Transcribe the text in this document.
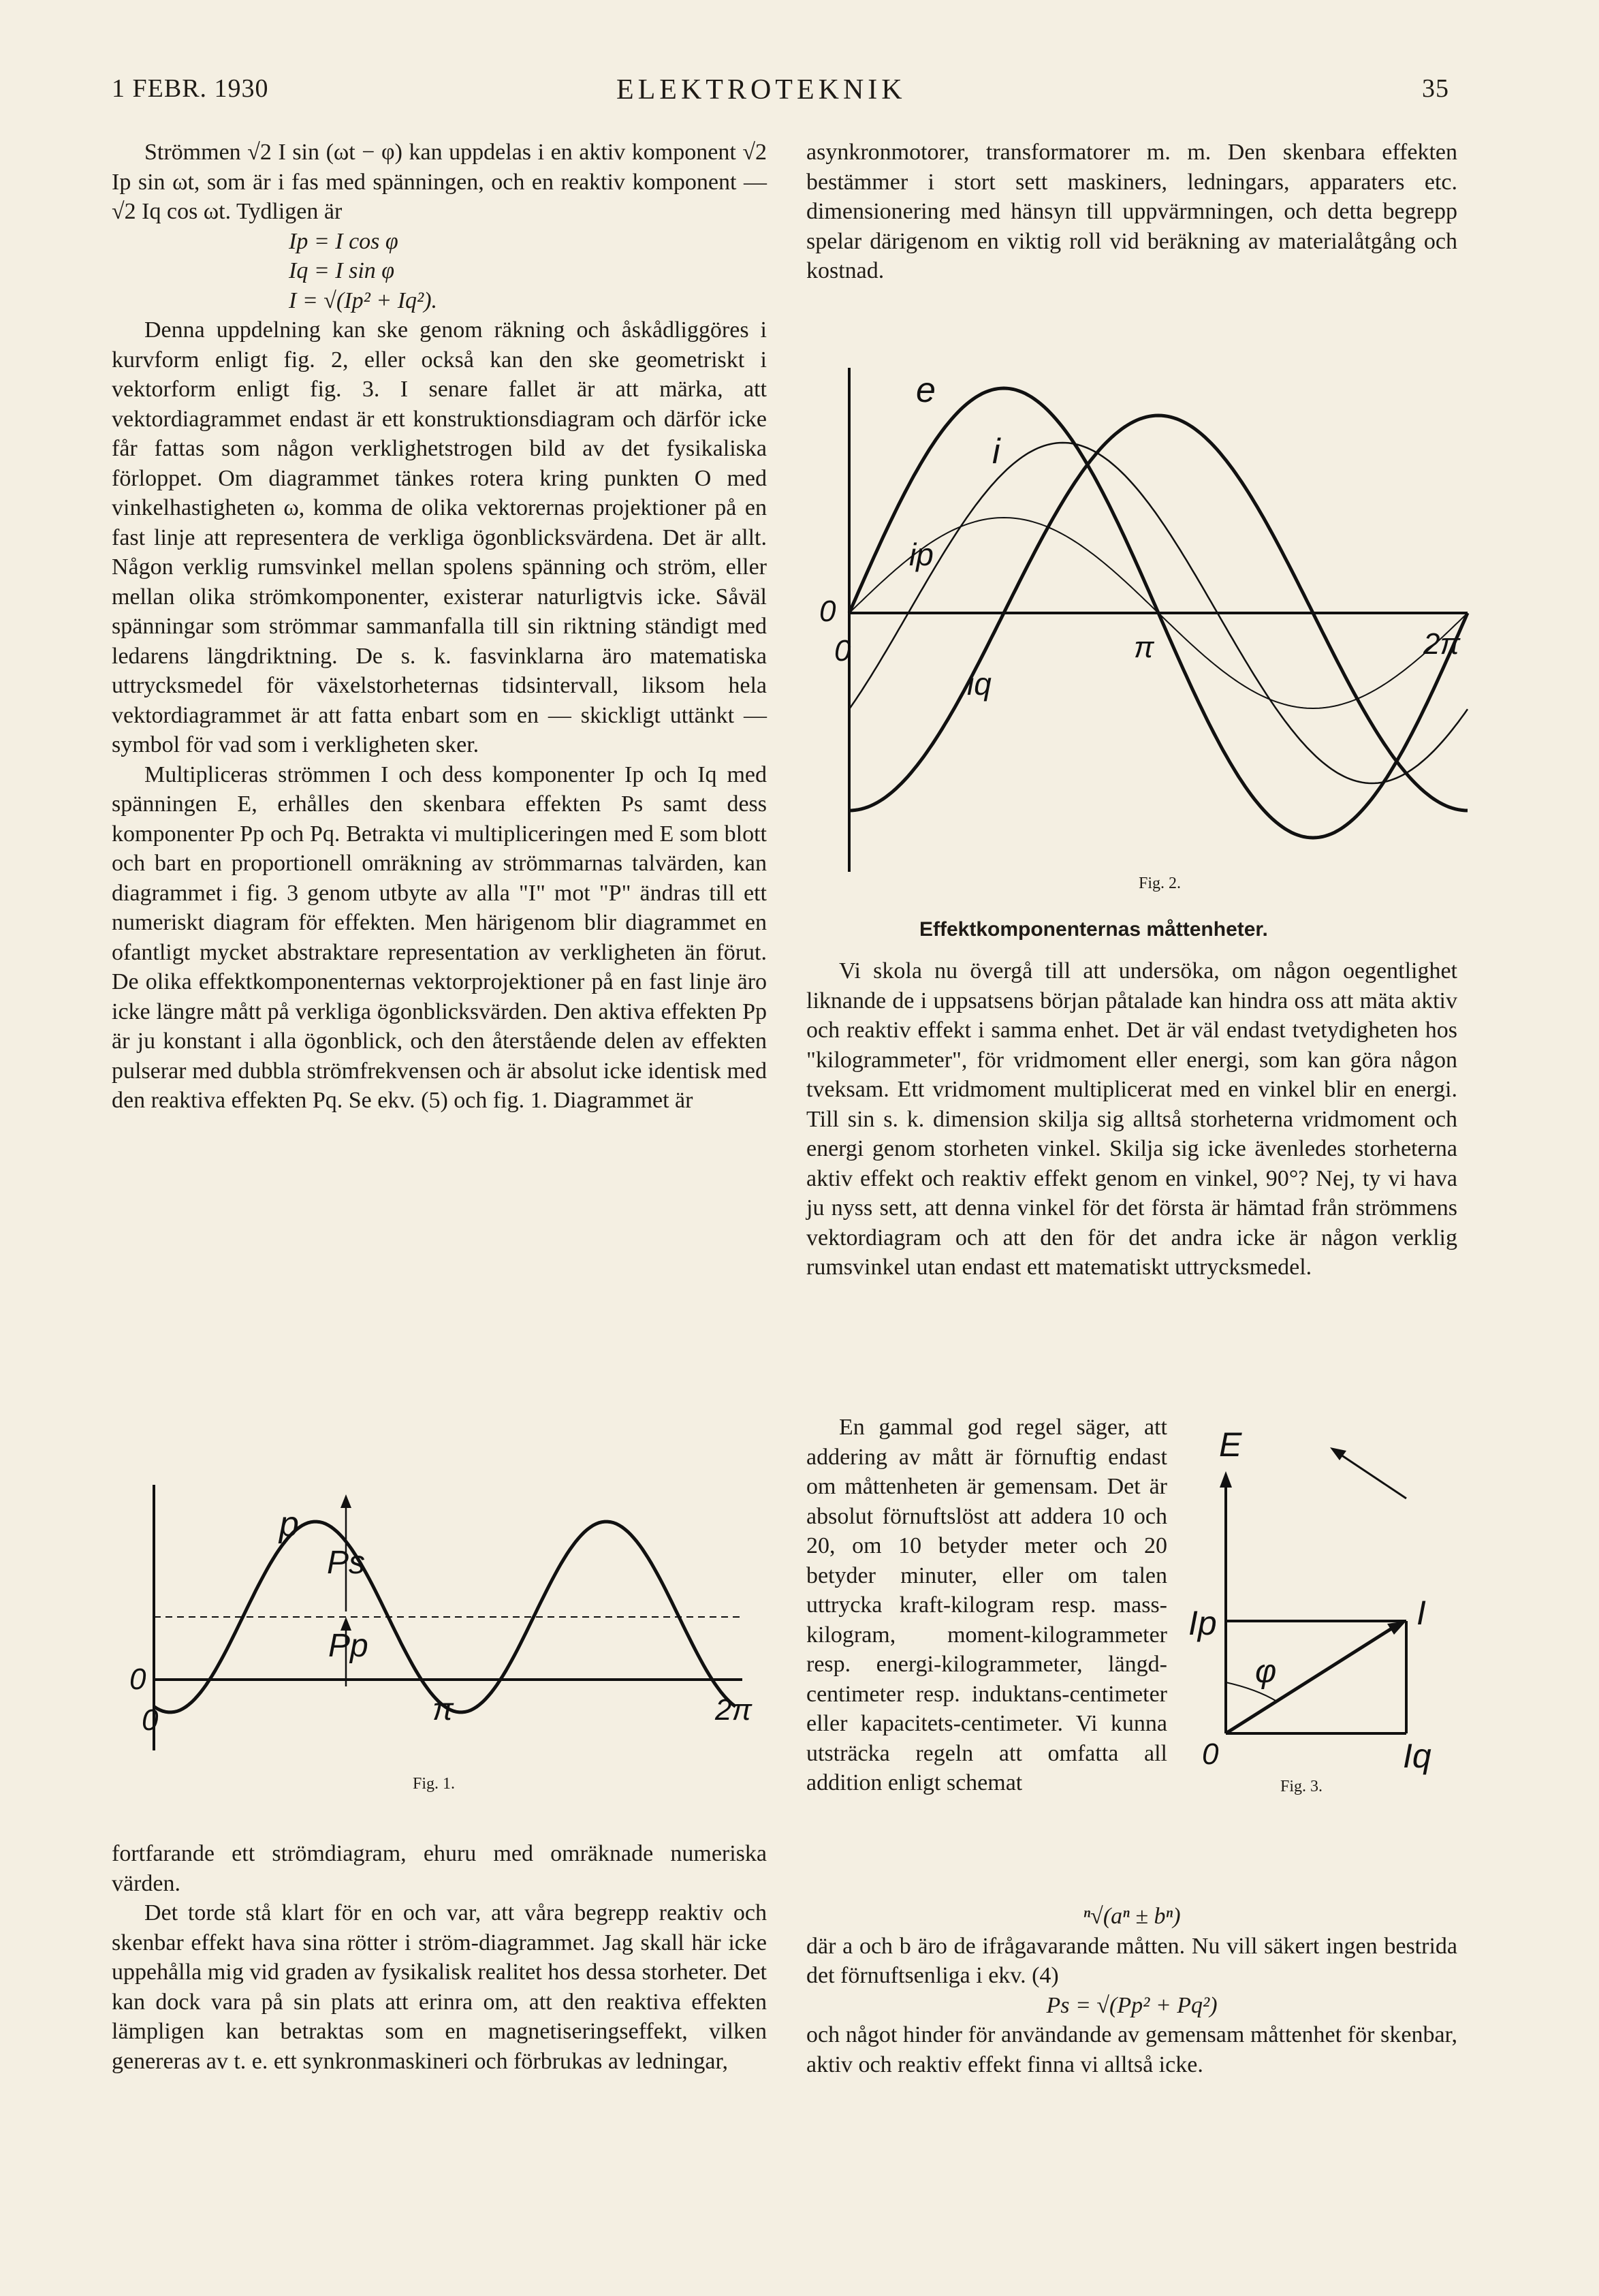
1 FEBR. 1930	ELEKTROTEKNIK	35

Strömmen √2 I sin (ωt − φ) kan uppdelas i en aktiv komponent √2 Ip sin ωt, som är i fas med spänningen, och en reaktiv komponent —√2 Iq cos ωt. Tydligen är

Ip = I cos φ

Iq = I sin φ

I = √(Ip² + Iq²).

Denna uppdelning kan ske genom räkning och åskådliggöres i kurvform enligt fig. 2, eller också kan den ske geometriskt i vektorform enligt fig. 3. I senare fallet är att märka, att vektordiagrammet endast är ett konstruktionsdiagram och därför icke får fattas som någon verklighetstrogen bild av det fysikaliska förloppet. Om diagrammet tänkes rotera kring punkten O med vinkelhastigheten ω, komma de olika vektorernas projektioner på en fast linje att representera de verkliga ögonblicksvärdena. Det är allt. Någon verklig rumsvinkel mellan spolens spänning och ström, eller mellan olika strömkomponenter, existerar naturligtvis icke. Såväl spänningar som strömmar sammanfalla till sin riktning ständigt med ledarens längdriktning. De s. k. fasvinklarna äro matematiska uttrycksmedel för växelstorheternas tidsintervall, liksom hela vektordiagrammet är att fatta enbart som en — skickligt uttänkt — symbol för vad som i verkligheten sker.

Multipliceras strömmen I och dess komponenter Ip och Iq med spänningen E, erhålles den skenbara effekten Ps samt dess komponenter Pp och Pq. Betrakta vi multipliceringen med E som blott och bart en proportionell omräkning av strömmarnas talvärden, kan diagrammet i fig. 3 genom utbyte av alla "I" mot "P" ändras till ett numeriskt diagram för effekten. Men härigenom blir diagrammet en ofantligt mycket abstraktare representation av verkligheten än förut. De olika effektkomponenternas vektorprojektioner på en fast linje äro icke längre mått på verkliga ögonblicksvärden. Den aktiva effekten Pp är ju konstant i alla ögonblick, och den återstående delen av effekten pulserar med dubbla strömfrekvensen och är absolut icke identisk med den reaktiva effekten Pq. Se ekv. (5) och fig. 1. Diagrammet är

p
Ps
Pp
0
0	π	2π
Fig. 1.

fortfarande ett strömdiagram, ehuru med omräknade numeriska värden.

Det torde stå klart för en och var, att våra begrepp reaktiv och skenbar effekt hava sina rötter i ström-diagrammet. Jag skall här icke uppehålla mig vid graden av fysikalisk realitet hos dessa storheter. Det kan dock vara på sin plats att erinra om, att den reaktiva effekten lämpligen kan betraktas som en magnetiseringseffekt, vilken genereras av t. e. ett synkronmaskineri och förbrukas av ledningar,

asynkronmotorer, transformatorer m. m. Den skenbara effekten bestämmer i stort sett maskiners, ledningars, apparaters etc. dimensionering med hänsyn till uppvärmningen, och detta begrepp spelar därigenom en viktig roll vid beräkning av materialåtgång och kostnad.

e
i
ip
iq
0
0	π	2π
Fig. 2.
Effektkomponenternas måttenheter.

Vi skola nu övergå till att undersöka, om någon oegentlighet liknande de i uppsatsens början påtalade kan hindra oss att mäta aktiv och reaktiv effekt i samma enhet. Det är väl endast tvetydigheten hos "kilogrammeter", för vridmoment eller energi, som kan göra någon tveksam. Ett vridmoment multiplicerat med en vinkel blir en energi. Till sin s. k. dimension skilja sig alltså storheterna vridmoment och energi genom storheten vinkel. Skilja sig icke ävenledes storheterna aktiv effekt och reaktiv effekt genom en vinkel, 90°? Nej, ty vi hava ju nyss sett, att denna vinkel för det första är hämtad från strömmens vektordiagram och att den för det andra icke är någon verklig rumsvinkel utan endast ett matematiskt uttrycksmedel.

En gammal god regel säger, att addering av mått är förnuftig endast om måttenheten är gemensam. Det är absolut förnuftslöst att addera 10 och 20, om 10 betyder meter och 20 betyder minuter, eller om talen uttrycka kraft-kilogram resp. mass-kilogram, moment-kilogrammeter resp. energi-kilogrammeter, längd-centimeter resp. induktans-centimeter eller kapacitets-centimeter. Vi kunna utsträcka regeln att omfatta all addition enligt schemat

E
I
Ip
Iq
φ
0
Fig. 3.

ⁿ√(aⁿ ± bⁿ)

där a och b äro de ifrågavarande måtten. Nu vill säkert ingen bestrida det förnuftsenliga i ekv. (4)

Ps = √(Pp² + Pq²)

och något hinder för användande av gemensam måttenhet för skenbar, aktiv och reaktiv effekt finna vi alltså icke.
